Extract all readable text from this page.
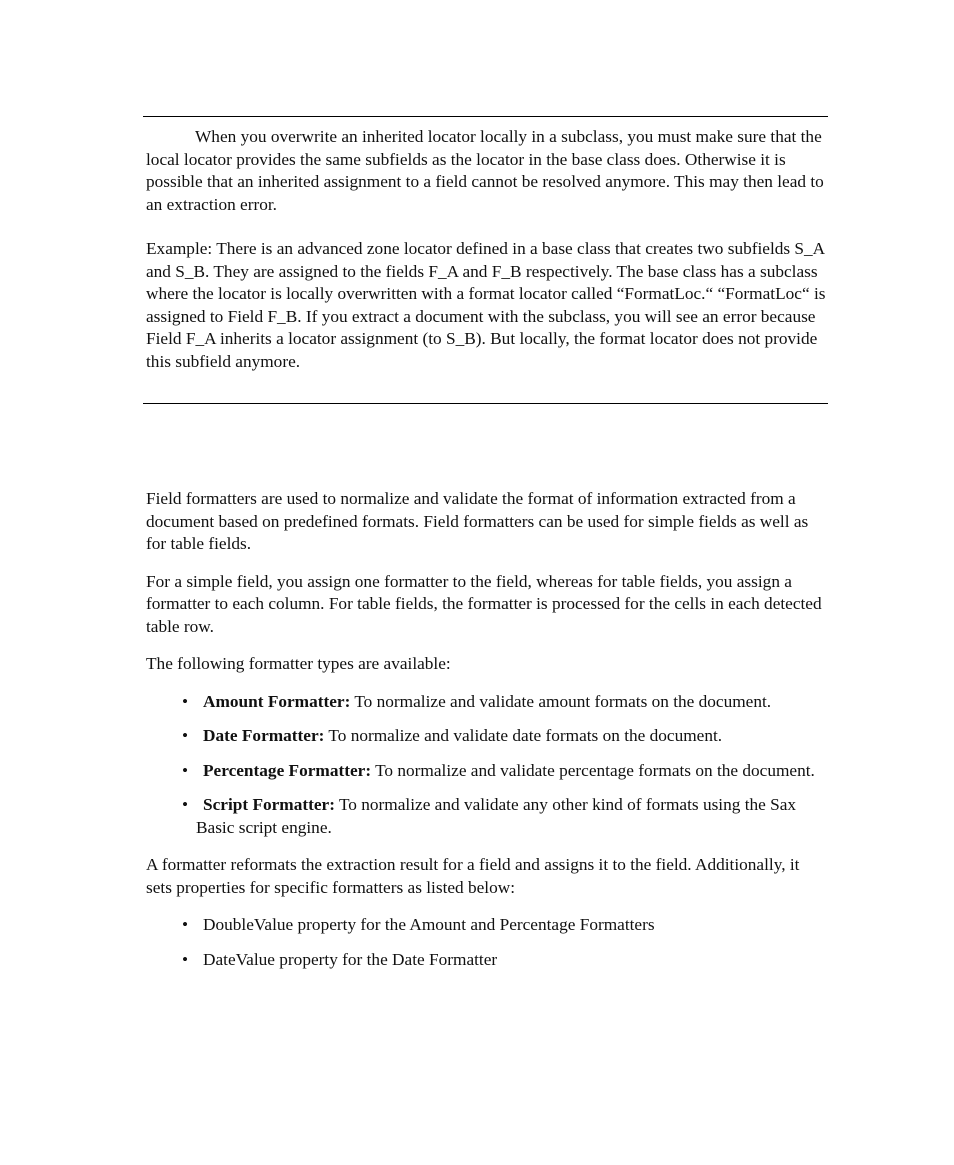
When you overwrite an inherited locator locally in a subclass, you must make sure that the local locator provides the same subfields as the locator in the base class does. Otherwise it is possible that an inherited assignment to a field cannot be resolved anymore. This may then lead to an extraction error.

Example: There is an advanced zone locator defined in a base class that creates two subfields S_A and S_B. They are assigned to the fields F_A and F_B respectively. The base class has a subclass where the locator is locally overwritten with a format locator called “FormatLoc.“ “FormatLoc“ is assigned to Field F_B. If you extract a document with the subclass, you will see an error because Field F_A inherits a locator assignment (to S_B). But locally, the format locator does not provide this subfield anymore.

Field formatters are used to normalize and validate the format of information extracted from a document based on predefined formats. Field formatters can be used for simple fields as well as for table fields.

For a simple field, you assign one formatter to the field, whereas for table fields, you assign a formatter to each column. For table fields, the formatter is processed for the cells in each detected table row.

The following formatter types are available:

• Amount Formatter: To normalize and validate amount formats on the document.
• Date Formatter: To normalize and validate date formats on the document.
• Percentage Formatter: To normalize and validate percentage formats on the document.
• Script Formatter: To normalize and validate any other kind of formats using the Sax Basic script engine.

A formatter reformats the extraction result for a field and assigns it to the field. Additionally, it sets properties for specific formatters as listed below:

• DoubleValue property for the Amount and Percentage Formatters
• DateValue property for the Date Formatter
